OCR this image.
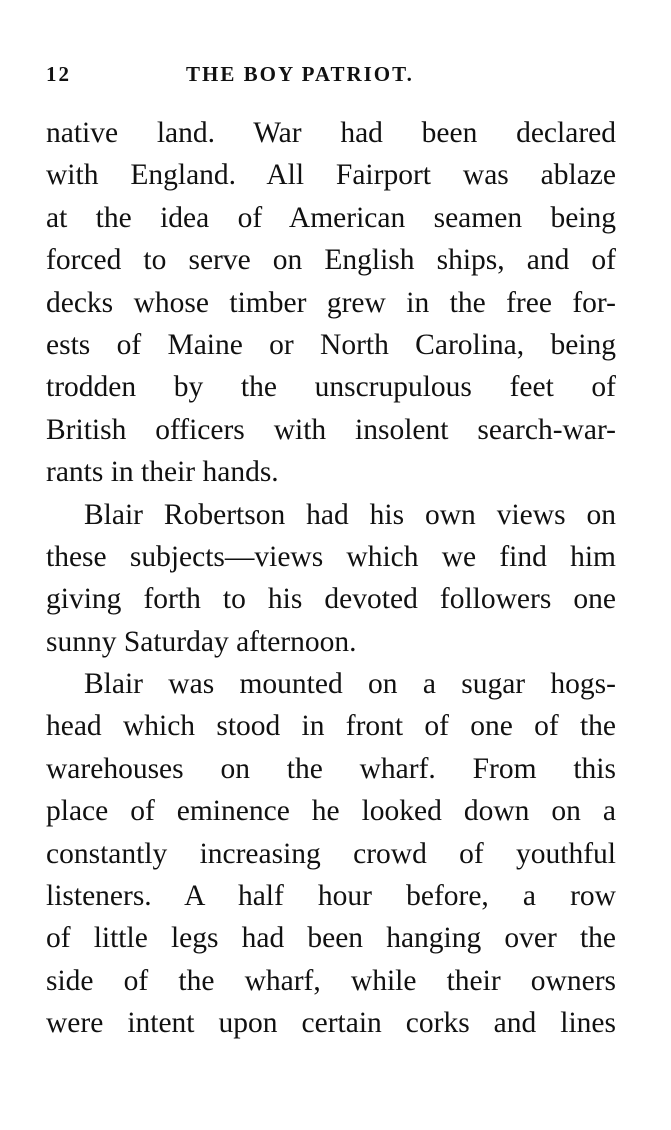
12	THE BOY PATRIOT.
native land. War had been declared
with England. All Fairport was ablaze
at the idea of American seamen being
forced to serve on English ships, and of
decks whose timber grew in the free for-
ests of Maine or North Carolina, being
trodden by the unscrupulous feet of
British officers with insolent search-war-
rants in their hands.
Blair Robertson had his own views on
these subjects—views which we find him
giving forth to his devoted followers one
sunny Saturday afternoon.
Blair was mounted on a sugar hogs-
head which stood in front of one of the
warehouses on the wharf. From this
place of eminence he looked down on a
constantly increasing crowd of youthful
listeners. A half hour before, a row
of little legs had been hanging over the
side of the wharf, while their owners
were intent upon certain corks and lines
